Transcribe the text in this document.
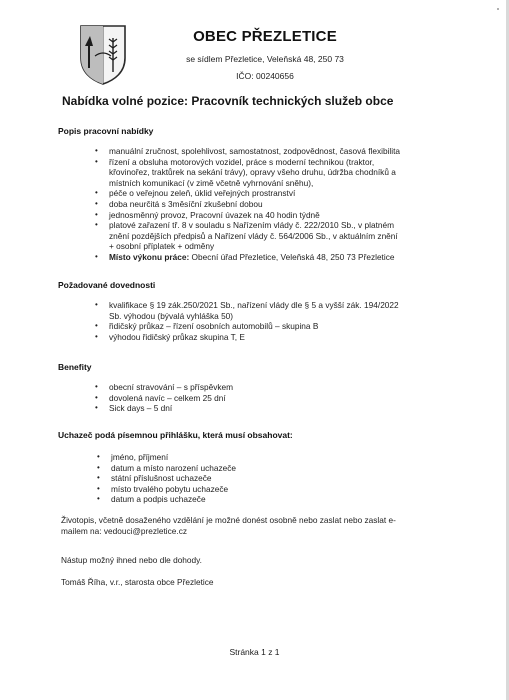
OBEC PŘEZLETICE
se sídlem Přezletice, Veleňská 48, 250 73
IČO: 00240656
Nabídka volné pozice: Pracovník technických služeb obce
Popis pracovní nabídky
• manuální zručnost, spolehlivost, samostatnost, zodpovědnost, časová flexibilita
• řízení a obsluha motorových vozidel, práce s moderní technikou (traktor,
křovinořez, traktůrek na sekání trávy), opravy všeho druhu, údržba chodníků a
místních komunikací (v zimě včetně vyhrnování sněhu),
• péče o veřejnou zeleň, úklid veřejných prostranství
• doba neurčitá s 3měsíční zkušební dobou
• jednosměnný provoz, Pracovní úvazek na 40 hodin týdně
• platové zařazení tř. 8 v souladu s Nařízením vlády č. 222/2010 Sb., v platném
znění pozdějších předpisů a Nařízení vlády č. 564/2006 Sb., v aktuálním znění
+ osobní příplatek + odměny
• Místo výkonu práce: Obecní úřad Přezletice, Veleňská 48, 250 73 Přezletice
Požadované dovednosti
• kvalifikace § 19 zák.250/2021 Sb., nařízení vlády dle § 5 a vyšší zák. 194/2022
Sb. výhodou (bývalá vyhláška 50)
• řidičský průkaz – řízení osobních automobilů – skupina B
• výhodou řidičský průkaz skupina T, E
Benefity
• obecní stravování – s příspěvkem
• dovolená navíc – celkem 25 dní
• Sick days – 5 dní
Uchazeč podá písemnou přihlášku, která musí obsahovat:
• jméno, příjmení
• datum a místo narození uchazeče
• státní příslušnost uchazeče
• místo trvalého pobytu uchazeče
• datum a podpis uchazeče
Životopis, včetně dosaženého vzdělání je možné donést osobně nebo zaslat nebo zaslat e-
mailem na: vedouci@prezletice.cz
Nástup možný ihned nebo dle dohody.
Tomáš Říha, v.r., starosta obce Přezletice
Stránka 1 z 1
